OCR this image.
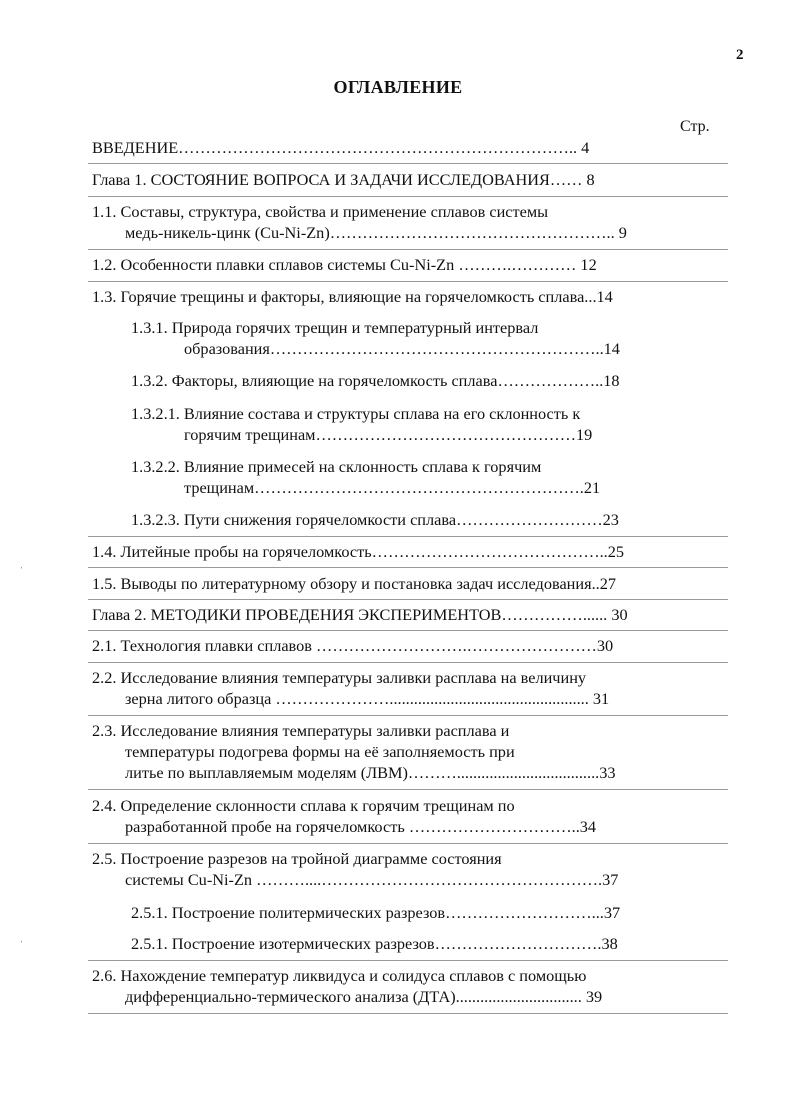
2
ОГЛАВЛЕНИЕ
Стр.
ˈ
ˈ
ВВЕДЕНИЕ……………………………………………………………….. 4
Глава 1. СОСТОЯНИЕ ВОПРОСА И ЗАДАЧИ ИССЛЕДОВАНИЯ…… 8
1.1. Составы, структура, свойства и применение сплавов системы
медь-никель-цинк (Cu-Ni-Zn)…………………………………………….. 9
1.2. Особенности плавки сплавов системы Cu-Ni-Zn ……….………… 12
1.3. Горячие трещины и факторы, влияющие на горячеломкость сплава...14
1.3.1. Природа горячих трещин и температурный интервал
образования……………………………………………………..14
1.3.2. Факторы, влияющие на горячеломкость сплава………………..18
1.3.2.1. Влияние состава и структуры сплава на его склонность к
горячим трещинам…………………………………………19
1.3.2.2. Влияние примесей на склонность сплава к горячим
трещинам…………………………………………………….21
1.3.2.3. Пути снижения горячеломкости сплава………………………23
1.4. Литейные пробы на горячеломкость……………………………………..25
1.5. Выводы по литературному обзору и постановка задач исследования..27
Глава 2. МЕТОДИКИ ПРОВЕДЕНИЯ ЭКСПЕРИМЕНТОВ……………...... 30
2.1. Технология плавки сплавов ……………………….……………………30
2.2. Исследование влияния температуры заливки расплава на величину
зерна литого образца …………………................................................. 31
2.3. Исследование влияния температуры заливки расплава и
температуры подогрева формы на её заполняемость при
литье по выплавляемым моделям (ЛВМ)………...................................33
2.4. Определение склонности сплава к горячим трещинам по
разработанной пробе на горячеломкость …………………………..34
2.5. Построение разрезов на тройной диаграмме состояния
системы Cu-Ni-Zn ………....…………………………………………….37
2.5.1. Построение политермических разрезов………………………...37
2.5.1. Построение изотермических разрезов………………………….38
2.6. Нахождение температур ликвидуса и солидуса сплавов с помощью
дифференциально-термического анализа (ДТА)............................... 39
